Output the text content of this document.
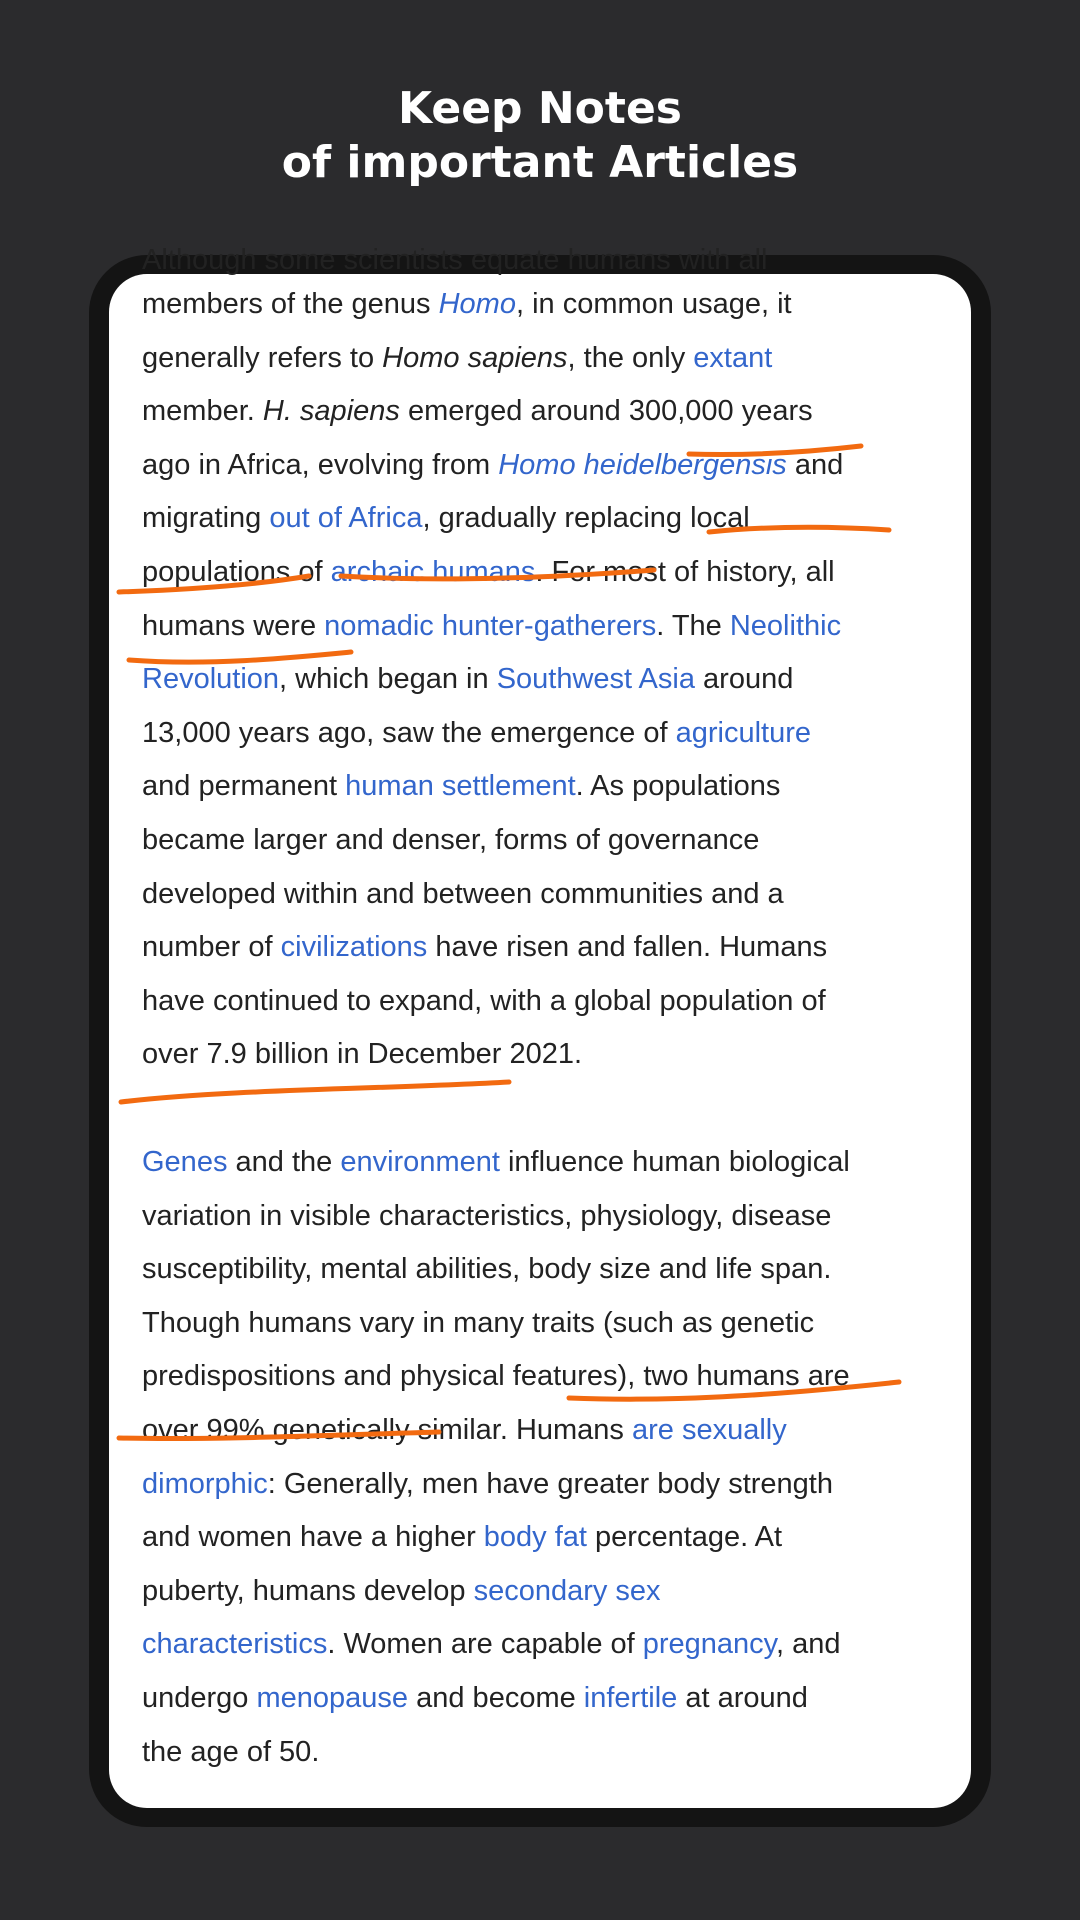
Keep Notes
of important Articles
Although some scientists equate humans with all
members of the genus Homo, in common usage, it
generally refers to Homo sapiens, the only extant
member. H. sapiens emerged around 300,000 years
ago in Africa, evolving from Homo heidelbergensis and
migrating out of Africa, gradually replacing local
populations of archaic humans. For most of history, all
humans were nomadic hunter-gatherers. The Neolithic
Revolution, which began in Southwest Asia around
13,000 years ago, saw the emergence of agriculture
and permanent human settlement. As populations
became larger and denser, forms of governance
developed within and between communities and a
number of civilizations have risen and fallen. Humans
have continued to expand, with a global population of
over 7.9 billion in December 2021.
Genes and the environment influence human biological
variation in visible characteristics, physiology, disease
susceptibility, mental abilities, body size and life span.
Though humans vary in many traits (such as genetic
predispositions and physical features), two humans are
over 99% genetically similar. Humans are sexually
dimorphic: Generally, men have greater body strength
and women have a higher body fat percentage. At
puberty, humans develop secondary sex
characteristics. Women are capable of pregnancy, and
undergo menopause and become infertile at around
the age of 50.
